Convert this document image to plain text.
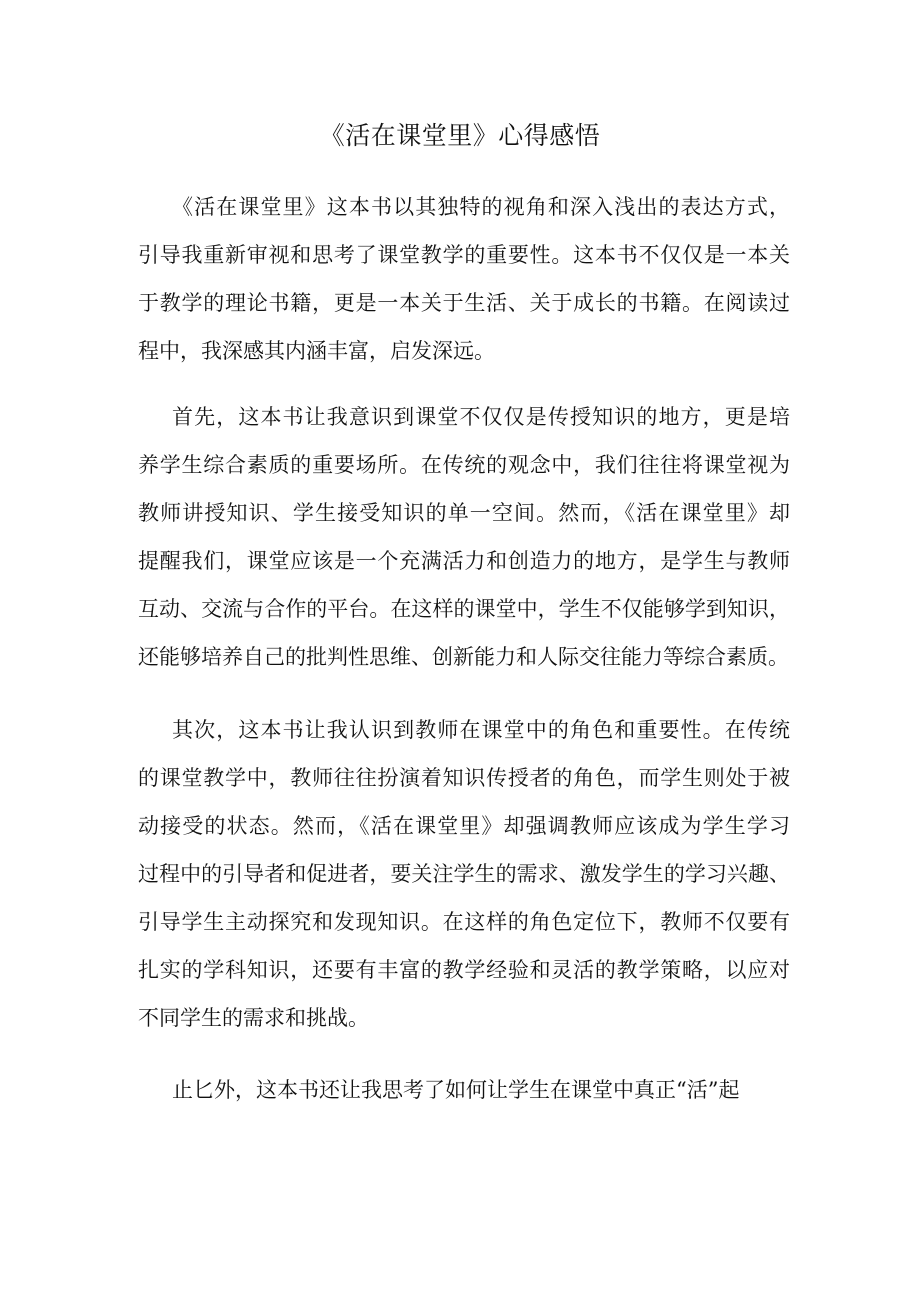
《活在课堂里》心得感悟
《活在课堂里》这本书以其独特的视角和深入浅出的表达方式，
引导我重新审视和思考了课堂教学的重要性。这本书不仅仅是一本关
于教学的理论书籍，更是一本关于生活、关于成长的书籍。在阅读过
程中，我深感其内涵丰富，启发深远。
首先，这本书让我意识到课堂不仅仅是传授知识的地方，更是培
养学生综合素质的重要场所。在传统的观念中，我们往往将课堂视为
教师讲授知识、学生接受知识的单一空间。然而，《活在课堂里》却
提醒我们，课堂应该是一个充满活力和创造力的地方，是学生与教师
互动、交流与合作的平台。在这样的课堂中，学生不仅能够学到知识，
还能够培养自己的批判性思维、创新能力和人际交往能力等综合素质。
其次，这本书让我认识到教师在课堂中的角色和重要性。在传统
的课堂教学中，教师往往扮演着知识传授者的角色，而学生则处于被
动接受的状态。然而，《活在课堂里》却强调教师应该成为学生学习
过程中的引导者和促进者，要关注学生的需求、激发学生的学习兴趣、
引导学生主动探究和发现知识。在这样的角色定位下，教师不仅要有
扎实的学科知识，还要有丰富的教学经验和灵活的教学策略，以应对
不同学生的需求和挑战。
止匕外，这本书还让我思考了如何让学生在课堂中真正“活”起
